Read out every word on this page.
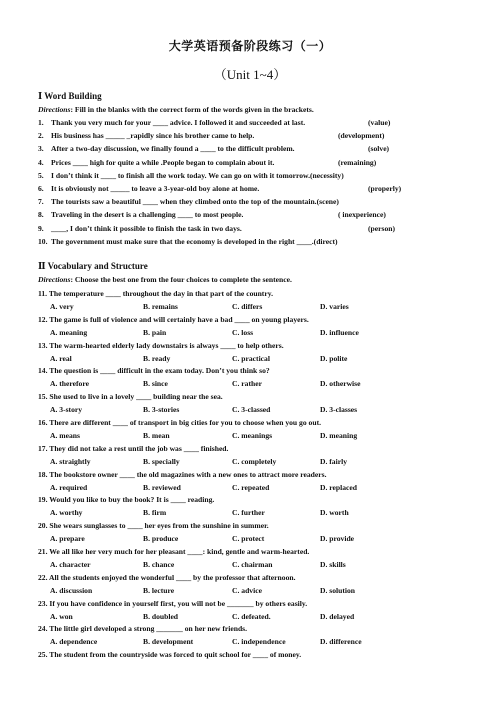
大学英语预备阶段练习（一）
（Unit 1~4）
Ⅰ Word Building
Directions: Fill in the blanks with the correct form of the words given in the brackets.
1. Thank you very much for your ____ advice. I followed it and succeeded at last.	(value)
2. His business has _____ _rapidly since his brother came to help.	(development)
3. After a two-day discussion, we finally found a ____ to the difficult problem.	(solve)
4. Prices ____ high for quite a while .People began to complain about it.	(remaining)
5. I don’t think it ____ to finish all the work today. We can go on with it tomorrow.(necessity)
6. It is obviously not _____ to leave a 3-year-old boy alone at home.	(properly)
7. The tourists saw a beautiful ____ when they climbed onto the top of the mountain.(scene)
8. Traveling in the desert is a challenging ____ to most people.	( inexperience)
9. ____, I don’t think it possible to finish the task in two days.	(person)
10. The government must make sure that the economy is developed in the right ____.(direct)
Ⅱ Vocabulary and Structure
Directions: Choose the best one from the four choices to complete the sentence.
11. The temperature ____ throughout the day in that part of the country.
A. very	B. remains	C. differs	D. varies
12. The game is full of violence and will certainly have a bad ____ on young players.
A. meaning	B. pain	C. loss	D. influence
13. The warm-hearted elderly lady downstairs is always ____ to help others.
A. real	B. ready	C. practical	D. polite
14. The question is ____ difficult in the exam today. Don’t you think so?
A. therefore	B. since	C. rather	D. otherwise
15. She used to live in a lovely ____ building near the sea.
A. 3-story	B. 3-stories	C. 3-classed	D. 3-classes
16. There are different ____ of transport in big cities for you to choose when you go out.
A. means	B. mean	C. meanings	D. meaning
17. They did not take a rest until the job was ____ finished.
A. straightly	B. specially	C. completely	D. fairly
18. The bookstore owner ____ the old magazines with a new ones to attract more readers.
A. required	B. reviewed	C. repeated	D. replaced
19. Would you like to buy the book? It is ____ reading.
A. worthy	B. firm	C. further	D. worth
20. She wears sunglasses to ____ her eyes from the sunshine in summer.
A. prepare	B. produce	C. protect	D. provide
21. We all like her very much for her pleasant ____: kind, gentle and warm-hearted.
A. character	B. chance	C. chairman	D. skills
22. All the students enjoyed the wonderful ____ by the professor that afternoon.
A. discussion	B. lecture	C. advice	D. solution
23. If you have confidence in yourself first, you will not be _______ by others easily.
A. won	B. doubled	C. defeated.	D. delayed
24. The little girl developed a strong _______ on her new friends.
A. dependence	B. development	C. independence	D. difference
25. The student from the countryside was forced to quit school for ____ of money.
